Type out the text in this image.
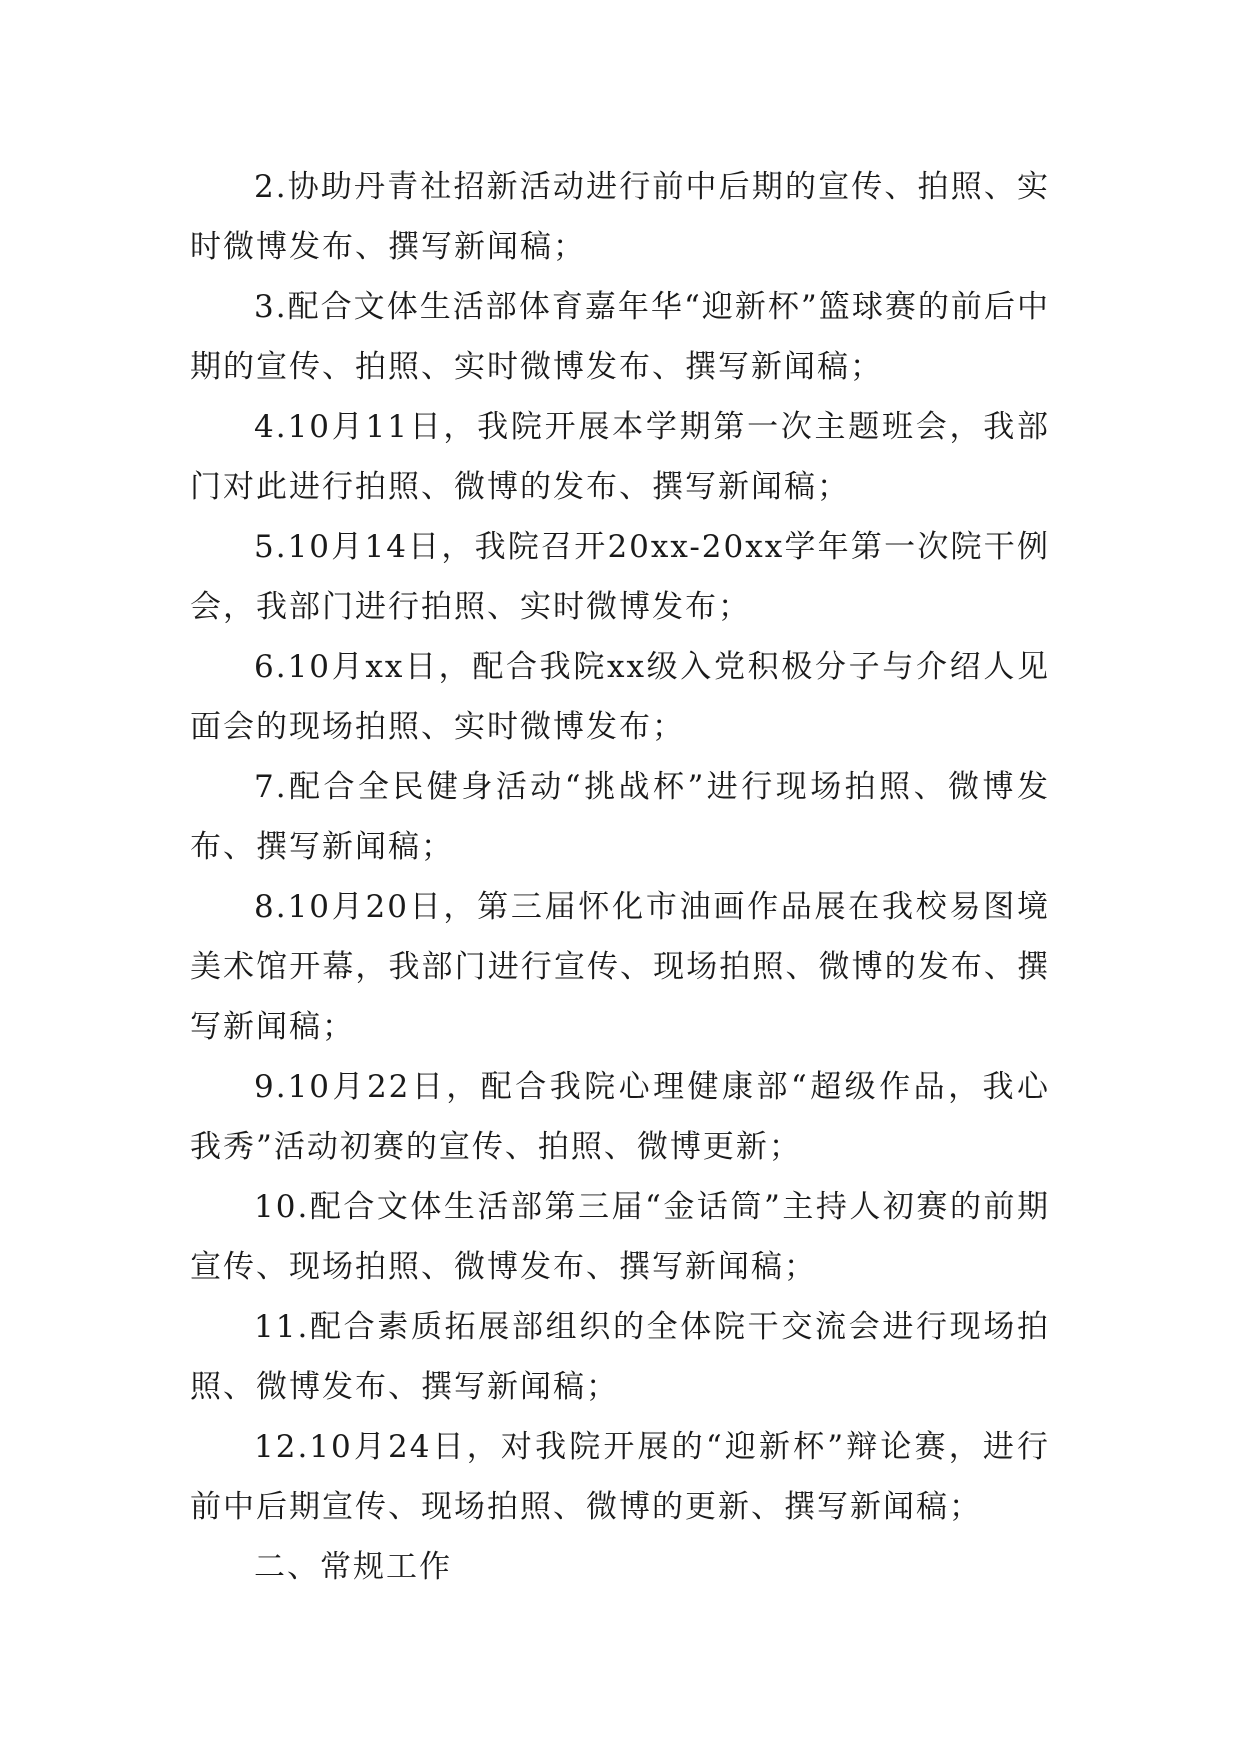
2.协助丹青社招新活动进行前中后期的宣传、拍照、实时微博发布、撰写新闻稿；

3.配合文体生活部体育嘉年华“迎新杯”篮球赛的前后中期的宣传、拍照、实时微博发布、撰写新闻稿；

4.10月11日，我院开展本学期第一次主题班会，我部门对此进行拍照、微博的发布、撰写新闻稿；

5.10月14日，我院召开20xx-20xx学年第一次院干例会，我部门进行拍照、实时微博发布；

6.10月xx日，配合我院xx级入党积极分子与介绍人见面会的现场拍照、实时微博发布；

7.配合全民健身活动“挑战杯”进行现场拍照、微博发布、撰写新闻稿；

8.10月20日，第三届怀化市油画作品展在我校易图境美术馆开幕，我部门进行宣传、现场拍照、微博的发布、撰写新闻稿；

9.10月22日，配合我院心理健康部“超级作品，我心我秀”活动初赛的宣传、拍照、微博更新；

10.配合文体生活部第三届“金话筒”主持人初赛的前期宣传、现场拍照、微博发布、撰写新闻稿；

11.配合素质拓展部组织的全体院干交流会进行现场拍照、微博发布、撰写新闻稿；

12.10月24日，对我院开展的“迎新杯”辩论赛，进行前中后期宣传、现场拍照、微博的更新、撰写新闻稿；

二、常规工作
